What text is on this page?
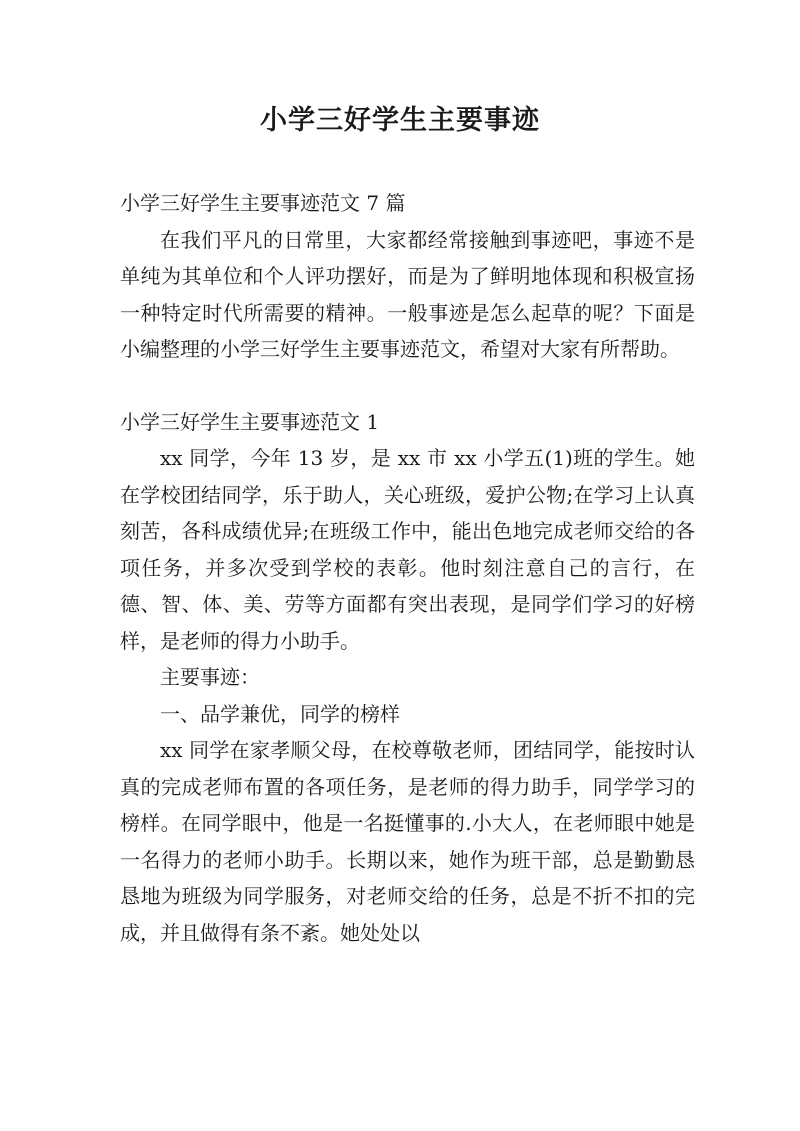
小学三好学生主要事迹

小学三好学生主要事迹范文 7 篇

在我们平凡的日常里，大家都经常接触到事迹吧，事迹不是单纯为其单位和个人评功摆好，而是为了鲜明地体现和积极宣扬一种特定时代所需要的精神。一般事迹是怎么起草的呢？下面是小编整理的小学三好学生主要事迹范文，希望对大家有所帮助。

小学三好学生主要事迹范文 1

xx 同学，今年 13 岁，是 xx 市 xx 小学五(1)班的学生。她在学校团结同学，乐于助人，关心班级，爱护公物;在学习上认真刻苦，各科成绩优异;在班级工作中，能出色地完成老师交给的各项任务，并多次受到学校的表彰。他时刻注意自己的言行，在德、智、体、美、劳等方面都有突出表现，是同学们学习的好榜样，是老师的得力小助手。

主要事迹：

一、品学兼优，同学的榜样

xx 同学在家孝顺父母，在校尊敬老师，团结同学，能按时认真的完成老师布置的各项任务，是老师的得力助手，同学学习的榜样。在同学眼中，他是一名挺懂事的.小大人，在老师眼中她是一名得力的老师小助手。长期以来，她作为班干部，总是勤勤恳恳地为班级为同学服务，对老师交给的任务，总是不折不扣的完成，并且做得有条不紊。她处处以
